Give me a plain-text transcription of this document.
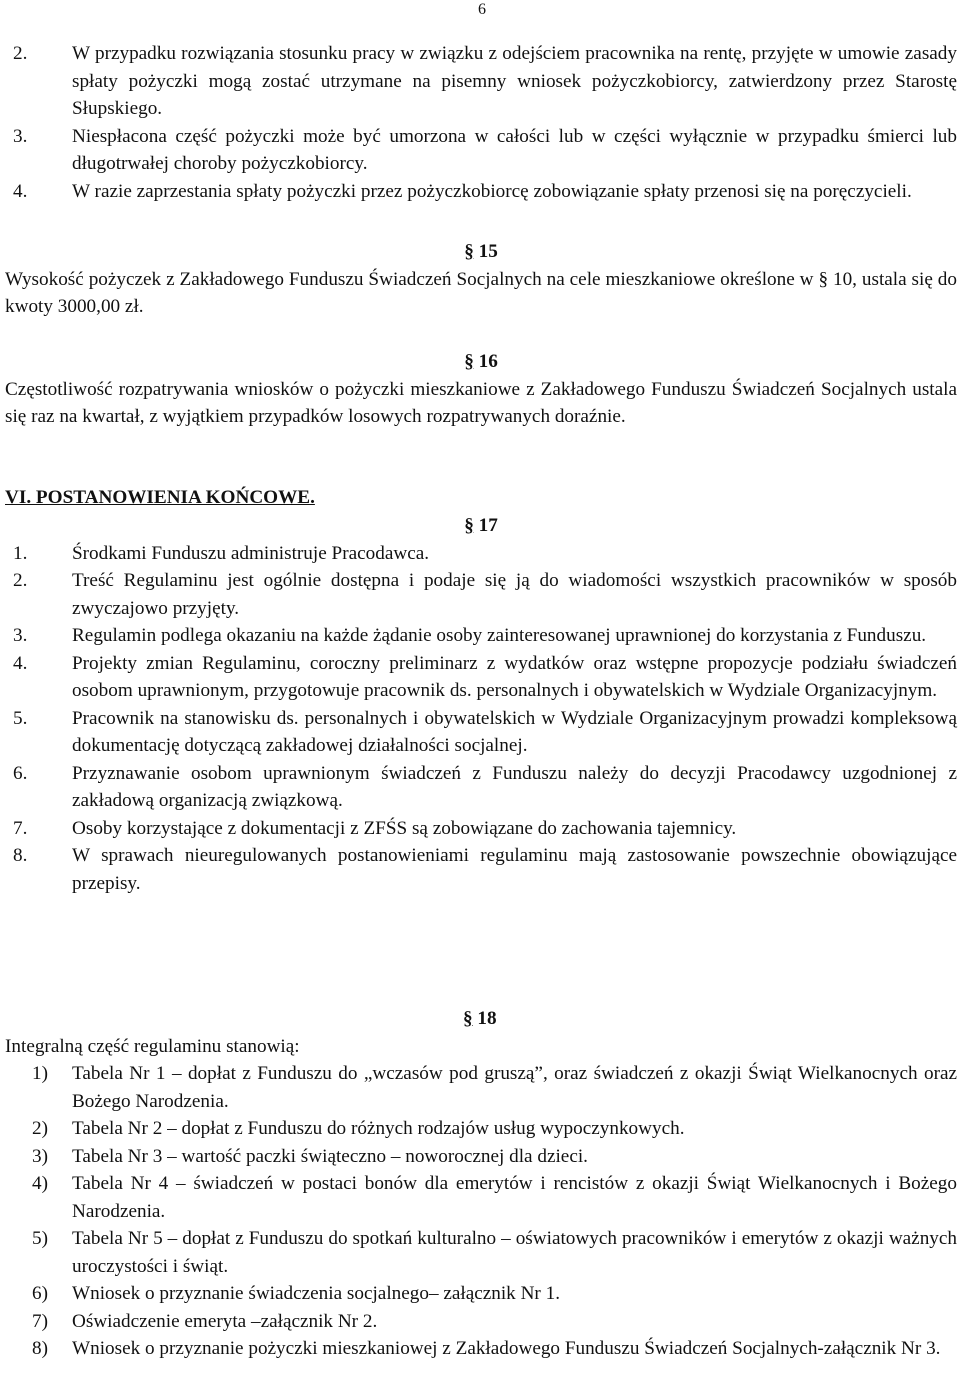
6
2. W przypadku rozwiązania stosunku pracy w związku z odejściem pracownika na rentę, przyjęte w umowie zasady spłaty pożyczki mogą zostać utrzymane na pisemny wniosek pożyczkobiorcy, zatwierdzony przez Starostę Słupskiego.
3. Niespłacona część pożyczki może być umorzona w całości lub w części wyłącznie w przypadku śmierci lub długotrwałej choroby pożyczkobiorcy.
4. W razie zaprzestania spłaty pożyczki przez pożyczkobiorcę zobowiązanie spłaty przenosi się na poręczycieli.
§ 15
Wysokość pożyczek z Zakładowego Funduszu Świadczeń Socjalnych na cele mieszkaniowe określone w § 10, ustala się do kwoty 3000,00 zł.
§ 16
Częstotliwość rozpatrywania wniosków o pożyczki mieszkaniowe z Zakładowego Funduszu Świadczeń Socjalnych ustala się raz na kwartał, z wyjątkiem przypadków losowych rozpatrywanych doraźnie.
VI. POSTANOWIENIA KOŃCOWE.
§ 17
1. Środkami Funduszu administruje Pracodawca.
2. Treść Regulaminu jest ogólnie dostępna i podaje się ją do wiadomości wszystkich pracowników w sposób zwyczajowo przyjęty.
3. Regulamin podlega okazaniu na każde żądanie osoby zainteresowanej uprawnionej do korzystania z Funduszu.
4. Projekty zmian Regulaminu, coroczny preliminarz z wydatków oraz wstępne propozycje podziału świadczeń osobom uprawnionym, przygotowuje pracownik ds. personalnych i obywatelskich w Wydziale Organizacyjnym.
5. Pracownik na stanowisku ds. personalnych i obywatelskich w Wydziale Organizacyjnym prowadzi kompleksową dokumentację dotyczącą zakładowej działalności socjalnej.
6. Przyznawanie osobom uprawnionym świadczeń z Funduszu należy do decyzji Pracodawcy uzgodnionej z zakładową organizacją związkową.
7. Osoby korzystające z dokumentacji z ZFŚS są zobowiązane do zachowania tajemnicy.
8. W sprawach nieuregulowanych postanowieniami regulaminu mają zastosowanie powszechnie obowiązujące przepisy.
§ 18
Integralną część regulaminu stanowią:
1) Tabela Nr 1 – dopłat z Funduszu do „wczasów pod gruszą”, oraz świadczeń z okazji Świąt Wielkanocnych oraz Bożego Narodzenia.
2) Tabela Nr 2 – dopłat z Funduszu do różnych rodzajów usług wypoczynkowych.
3) Tabela Nr 3 – wartość paczki świąteczno – noworocznej dla dzieci.
4) Tabela Nr 4 – świadczeń w postaci bonów dla emerytów i rencistów z okazji Świąt Wielkanocnych i Bożego Narodzenia.
5) Tabela Nr 5 – dopłat z Funduszu do spotkań kulturalno – oświatowych pracowników i emerytów z okazji ważnych uroczystości i świąt.
6) Wniosek o przyznanie świadczenia socjalnego– załącznik Nr 1.
7) Oświadczenie emeryta –załącznik Nr 2.
8) Wniosek o przyznanie pożyczki mieszkaniowej z Zakładowego Funduszu Świadczeń Socjalnych-załącznik Nr 3.
